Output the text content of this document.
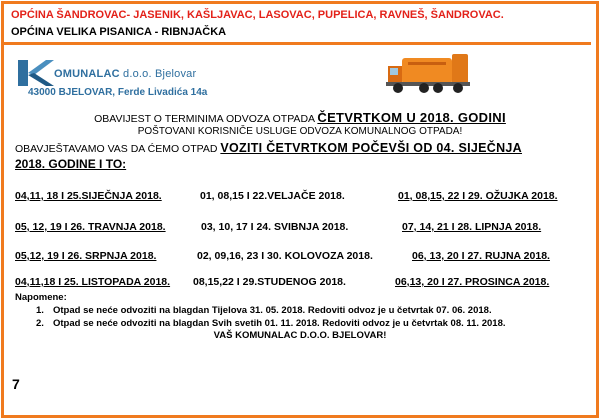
OPĆINA ŠANDROVAC- JASENIK, KAŠLJAVAC, LASOVAC, PUPELICA, RAVNEŠ, ŠANDROVAC.
OPĆINA VELIKA PISANICA - RIBNJAČKA
OMUNALAC d.o.o. Bjelovar
43000 BJELOVAR, Ferde Livadića 14a
OBAVIJEST O TERMINIMA ODVOZA OTPADA ČETVRTKOM U 2018. GODINI
POŠTOVANI KORISNIČE USLUGE ODVOZA KOMUNALNOG OTPADA!
OBAVJEŠTAVAMO VAS DA ĆEMO OTPAD VOZITI ČETVRTKOM POČEVŠI OD 04. SIJEČNJA
2018. GODINE I TO:
04,11, 18 I 25.SIJEČNJA 2018.	01, 08,15 I 22.VELJAČE 2018.	01, 08,15, 22 I 29. OŽUJKA 2018.
05, 12, 19 I 26. TRAVNJA 2018.	03, 10, 17 I 24. SVIBNJA 2018.	07, 14, 21 I 28. LIPNJA 2018.
05,12, 19 I 26. SRPNJA 2018.	02, 09,16, 23 I 30. KOLOVOZA 2018.	06, 13, 20 I 27. RUJNA 2018.
04,11,18 I 25. LISTOPADA 2018. 08,15,22 I 29.STUDENOG 2018.	06,13, 20 I 27. PROSINCA 2018.
Napomene:
1. Otpad se neće odvoziti na blagdan Tijelova 31. 05. 2018. Redoviti odvoz je u četvrtak 07. 06. 2018.
2. Otpad se neće odvoziti na blagdan Svih svetih 01. 11. 2018. Redoviti odvoz je u četvrtak 08. 11. 2018.
VAŠ KOMUNALAC D.O.O. BJELOVAR!
7
